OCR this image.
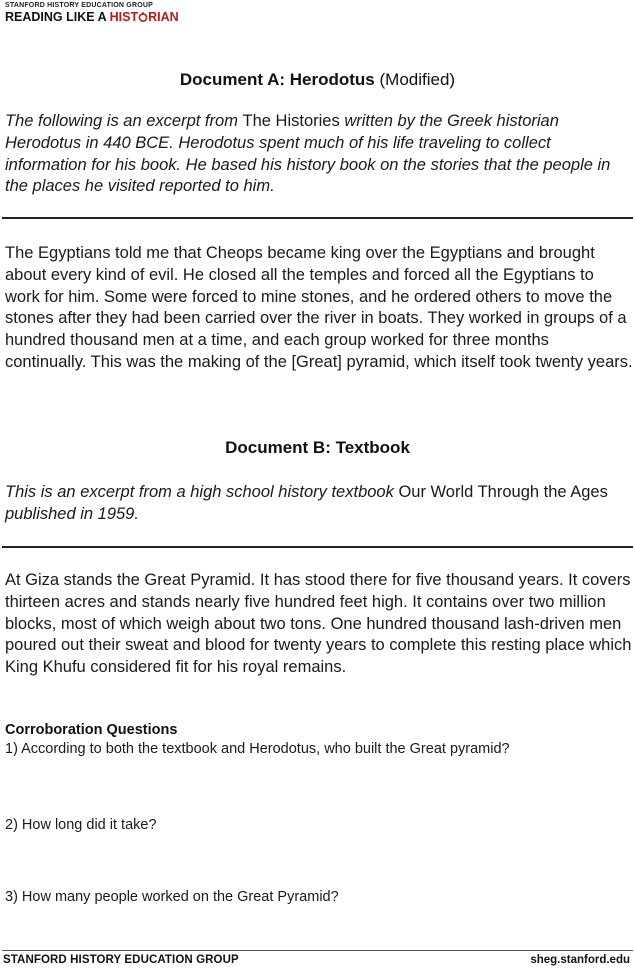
STANFORD HISTORY EDUCATION GROUP
READING LIKE A HIST RIAN
Document A: Herodotus (Modified)
The following is an excerpt from The Histories written by the Greek historian Herodotus in 440 BCE. Herodotus spent much of his life traveling to collect information for his book. He based his history book on the stories that the people in the places he visited reported to him.
The Egyptians told me that Cheops became king over the Egyptians and brought about every kind of evil. He closed all the temples and forced all the Egyptians to work for him. Some were forced to mine stones, and he ordered others to move the stones after they had been carried over the river in boats. They worked in groups of a hundred thousand men at a time, and each group worked for three months continually. This was the making of the [Great] pyramid, which itself took twenty years.
Document B: Textbook
This is an excerpt from a high school history textbook Our World Through the Ages published in 1959.
At Giza stands the Great Pyramid. It has stood there for five thousand years. It covers thirteen acres and stands nearly five hundred feet high. It contains over two million blocks, most of which weigh about two tons. One hundred thousand lash-driven men poured out their sweat and blood for twenty years to complete this resting place which King Khufu considered fit for his royal remains.
Corroboration Questions
1) According to both the textbook and Herodotus, who built the Great pyramid?
2) How long did it take?
3) How many people worked on the Great Pyramid?
STANFORD HISTORY EDUCATION GROUP	sheg.stanford.edu
